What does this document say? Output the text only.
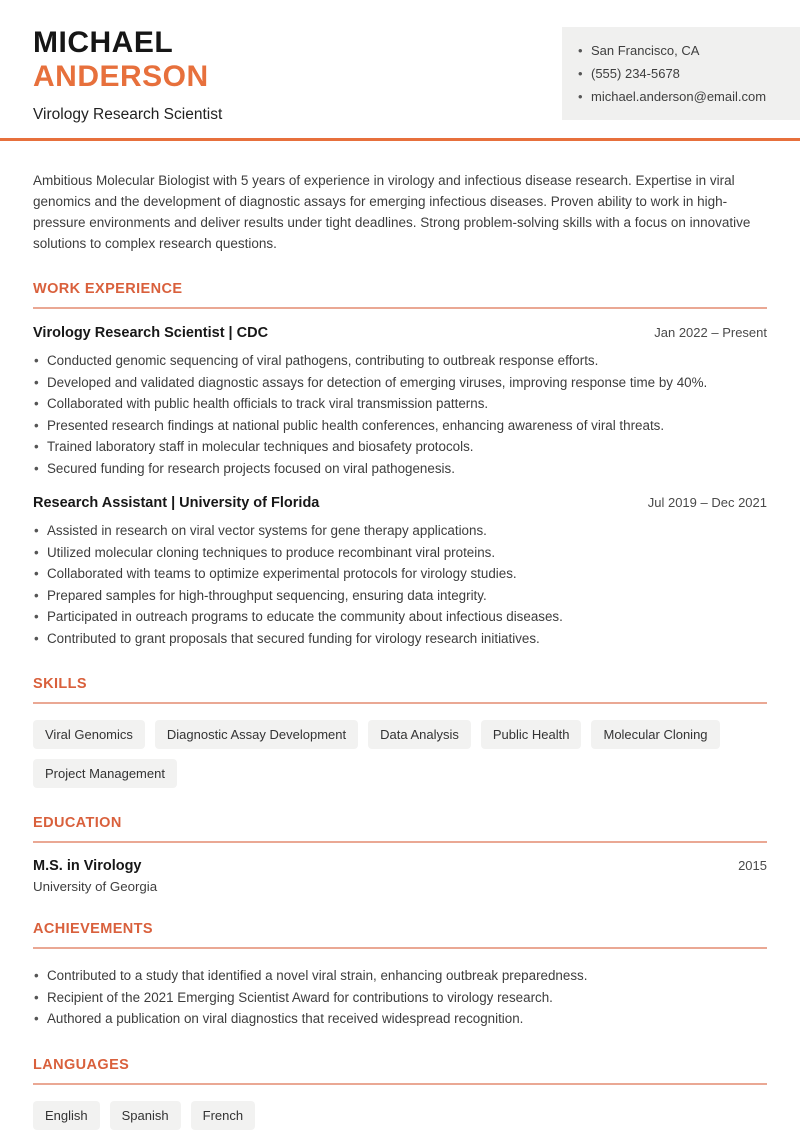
MICHAEL
ANDERSON
Virology Research Scientist
• San Francisco, CA
• (555) 234-5678
• michael.anderson@email.com

Ambitious Molecular Biologist with 5 years of experience in virology and infectious disease research. Expertise in viral genomics and the development of diagnostic assays for emerging infectious diseases. Proven ability to work in high-pressure environments and deliver results under tight deadlines. Strong problem-solving skills with a focus on innovative solutions to complex research questions.

WORK EXPERIENCE
Virology Research Scientist | CDC	Jan 2022 – Present
• Conducted genomic sequencing of viral pathogens, contributing to outbreak response efforts.
• Developed and validated diagnostic assays for detection of emerging viruses, improving response time by 40%.
• Collaborated with public health officials to track viral transmission patterns.
• Presented research findings at national public health conferences, enhancing awareness of viral threats.
• Trained laboratory staff in molecular techniques and biosafety protocols.
• Secured funding for research projects focused on viral pathogenesis.
Research Assistant | University of Florida	Jul 2019 – Dec 2021
• Assisted in research on viral vector systems for gene therapy applications.
• Utilized molecular cloning techniques to produce recombinant viral proteins.
• Collaborated with teams to optimize experimental protocols for virology studies.
• Prepared samples for high-throughput sequencing, ensuring data integrity.
• Participated in outreach programs to educate the community about infectious diseases.
• Contributed to grant proposals that secured funding for virology research initiatives.
SKILLS
Viral Genomics	Diagnostic Assay Development	Data Analysis	Public Health	Molecular Cloning
Project Management
EDUCATION
M.S. in Virology	2015
University of Georgia
ACHIEVEMENTS
• Contributed to a study that identified a novel viral strain, enhancing outbreak preparedness.
• Recipient of the 2021 Emerging Scientist Award for contributions to virology research.
• Authored a publication on viral diagnostics that received widespread recognition.
LANGUAGES
English	Spanish	French
